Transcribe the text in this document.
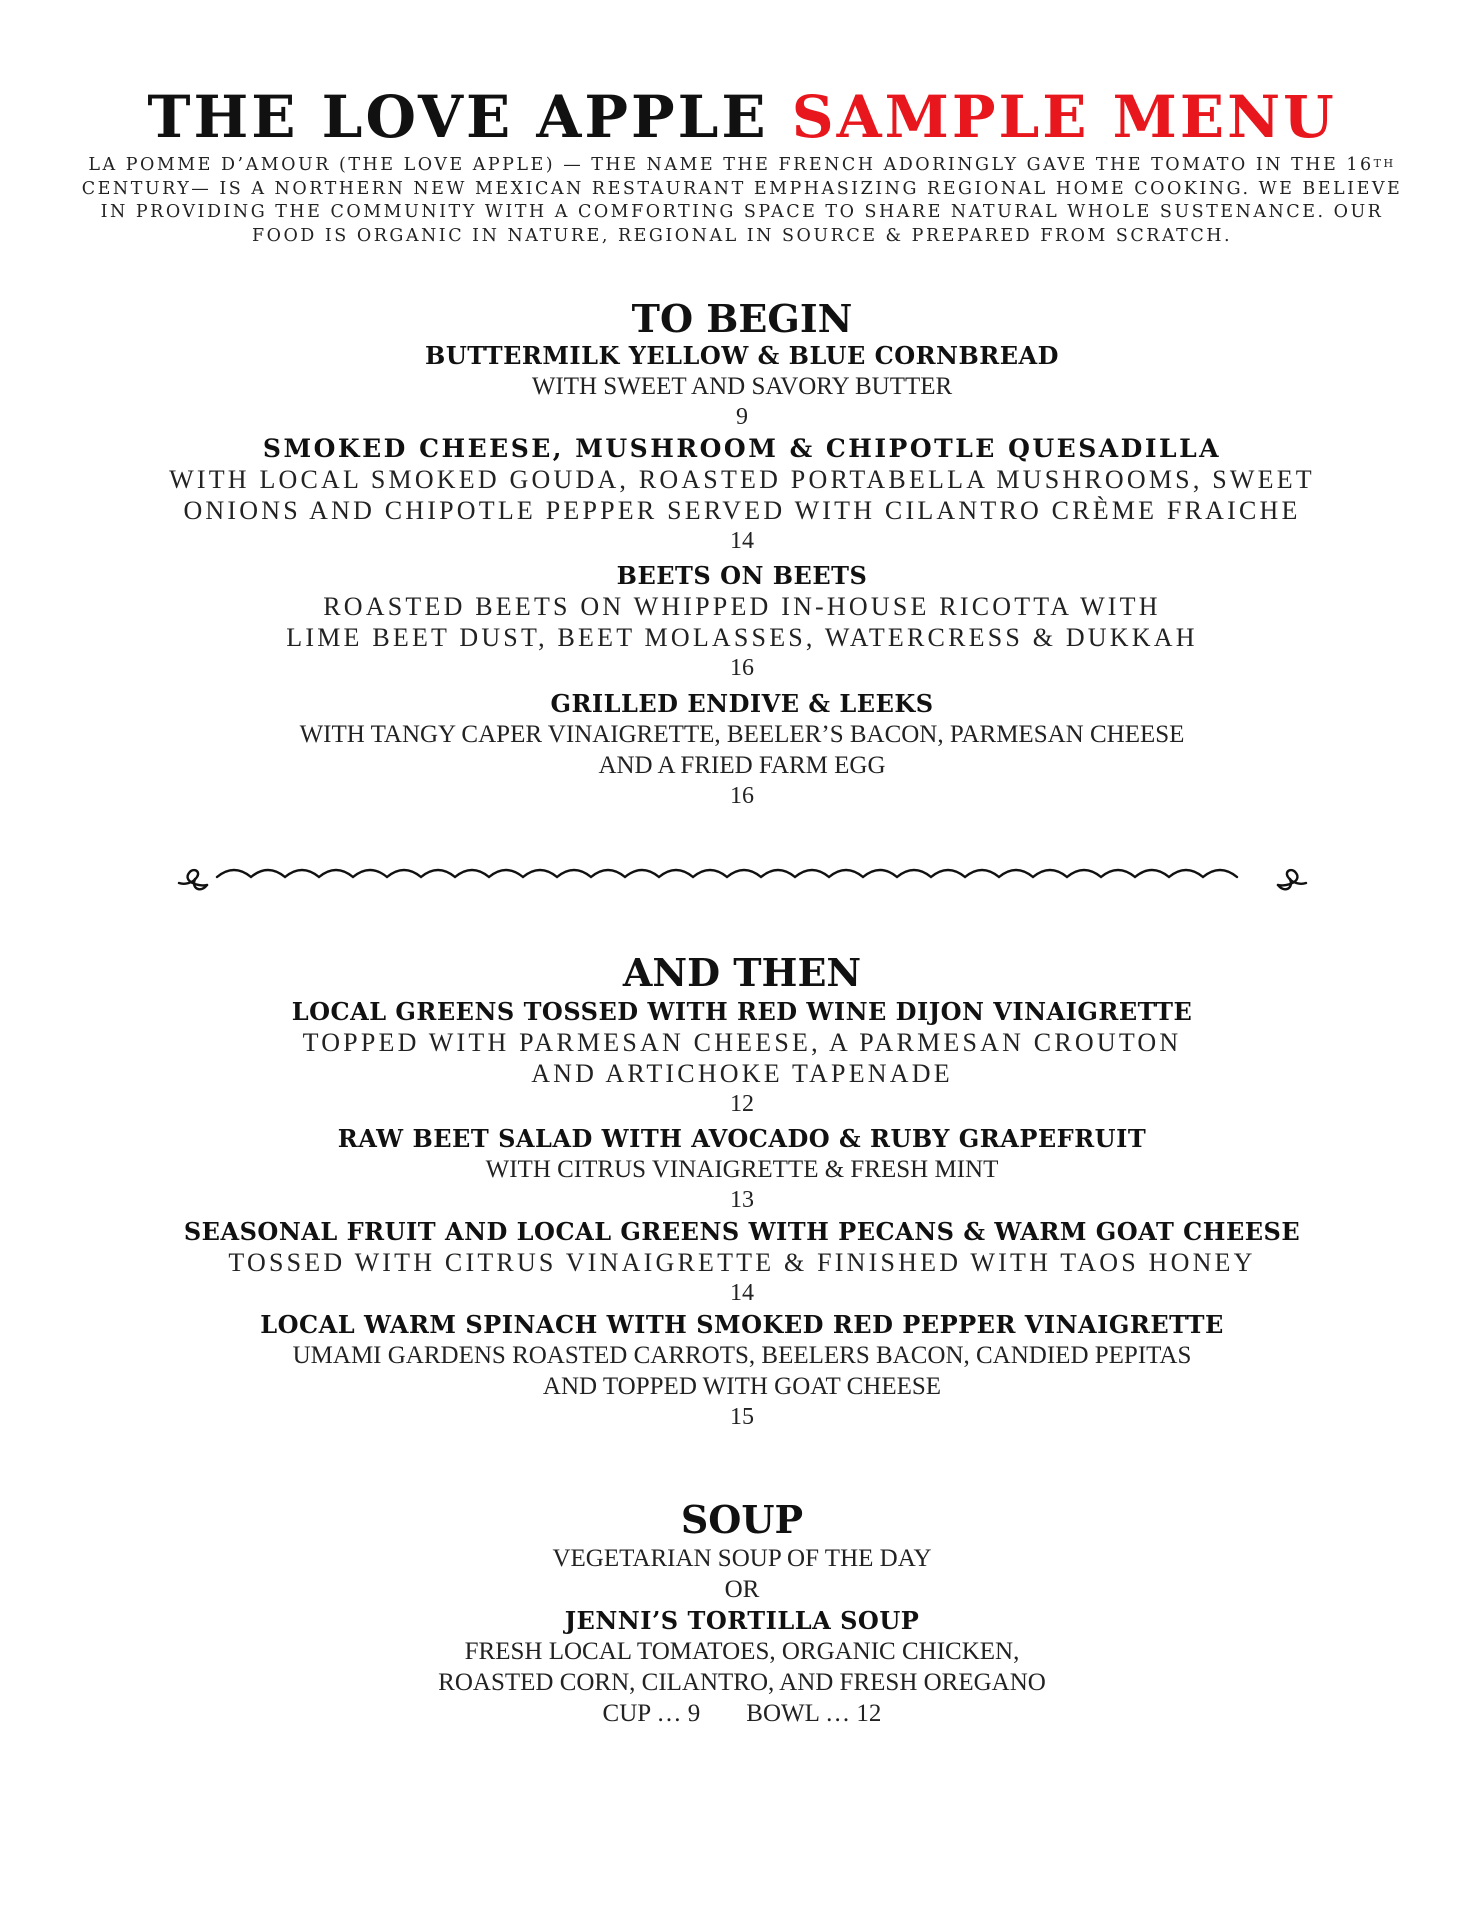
THE LOVE APPLE SAMPLE MENU
LA POMME D’AMOUR (THE LOVE APPLE) — THE NAME THE FRENCH ADORINGLY GAVE THE TOMATO IN THE 16TH CENTURY— IS A NORTHERN NEW MEXICAN RESTAURANT EMPHASIZING REGIONAL HOME COOKING. WE BELIEVE IN PROVIDING THE COMMUNITY WITH A COMFORTING SPACE TO SHARE NATURAL WHOLE SUSTENANCE. OUR FOOD IS ORGANIC IN NATURE, REGIONAL IN SOURCE & PREPARED FROM SCRATCH.
TO BEGIN
BUTTERMILK YELLOW & BLUE CORNBREAD
WITH SWEET AND SAVORY BUTTER
9
SMOKED CHEESE, MUSHROOM & CHIPOTLE QUESADILLA
WITH LOCAL SMOKED GOUDA, ROASTED PORTABELLA MUSHROOMS, SWEET
ONIONS AND CHIPOTLE PEPPER SERVED WITH CILANTRO CRÈME FRAICHE
14
BEETS ON BEETS
ROASTED BEETS ON WHIPPED IN-HOUSE RICOTTA WITH
LIME BEET DUST, BEET MOLASSES, WATERCRESS & DUKKAH
16
GRILLED ENDIVE & LEEKS
WITH TANGY CAPER VINAIGRETTE, BEELER’S BACON, PARMESAN CHEESE
AND A FRIED FARM EGG
16
AND THEN
LOCAL GREENS TOSSED WITH RED WINE DIJON VINAIGRETTE
TOPPED WITH PARMESAN CHEESE, A PARMESAN CROUTON
AND ARTICHOKE TAPENADE
12
RAW BEET SALAD WITH AVOCADO & RUBY GRAPEFRUIT
WITH CITRUS VINAIGRETTE & FRESH MINT
13
SEASONAL FRUIT AND LOCAL GREENS WITH PECANS & WARM GOAT CHEESE
TOSSED WITH CITRUS VINAIGRETTE & FINISHED WITH TAOS HONEY
14
LOCAL WARM SPINACH WITH SMOKED RED PEPPER VINAIGRETTE
UMAMI GARDENS ROASTED CARROTS, BEELERS BACON, CANDIED PEPITAS
AND TOPPED WITH GOAT CHEESE
15
SOUP
VEGETARIAN SOUP OF THE DAY
OR
JENNI’S TORTILLA SOUP
FRESH LOCAL TOMATOES, ORGANIC CHICKEN,
ROASTED CORN, CILANTRO, AND FRESH OREGANO
CUP … 9 BOWL … 12
